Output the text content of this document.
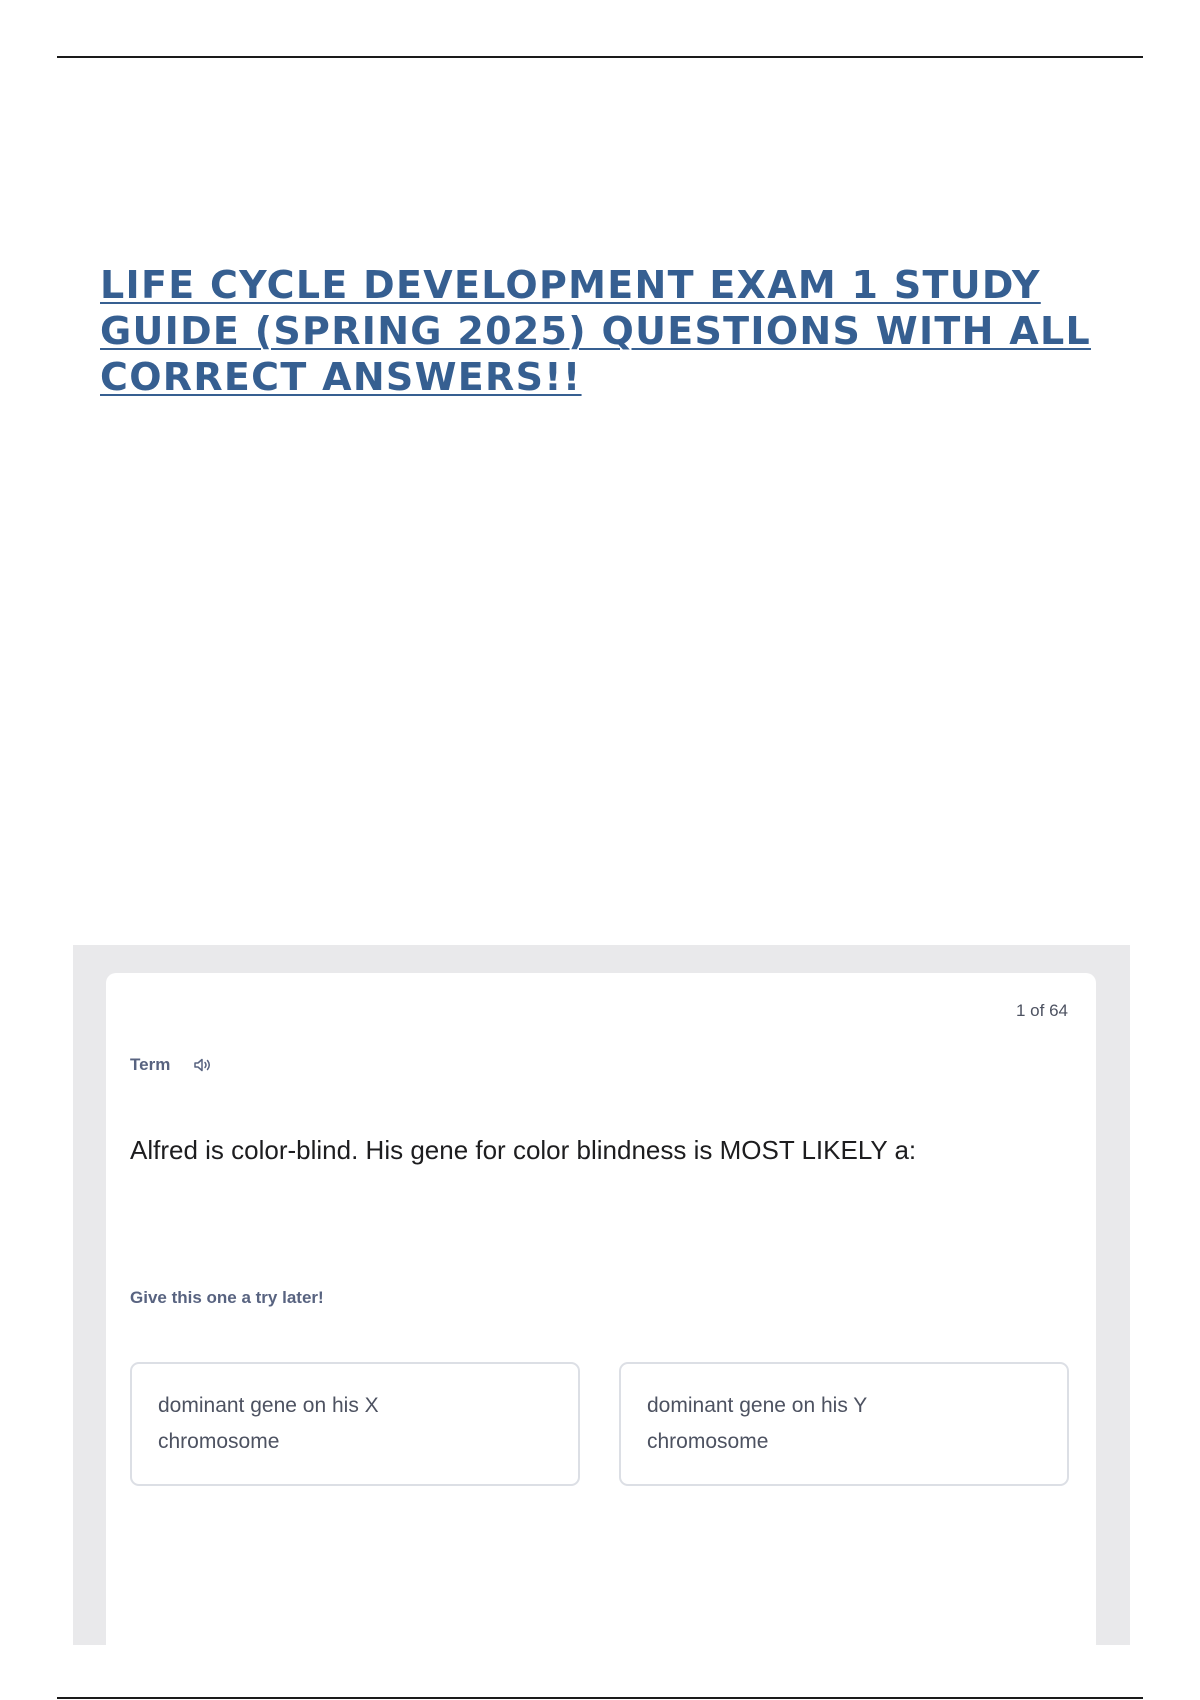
LIFE CYCLE DEVELOPMENT EXAM 1 STUDY GUIDE (SPRING 2025) QUESTIONS WITH ALL CORRECT ANSWERS!!
1 of 64
Term
Alfred is color-blind. His gene for color blindness is MOST LIKELY a:
Give this one a try later!
dominant gene on his X chromosome
dominant gene on his Y chromosome
